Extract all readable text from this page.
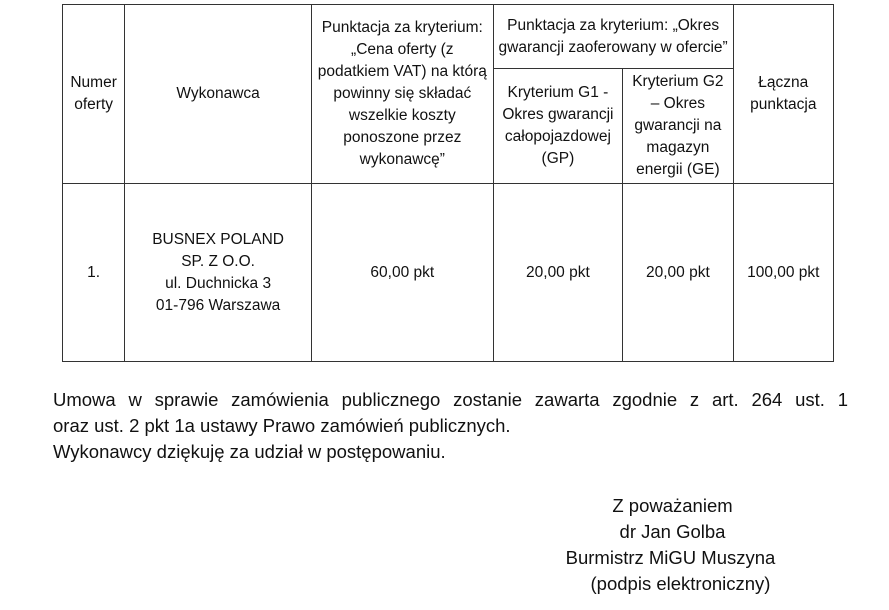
Numer oferty	Wykonawca	Punktacja za kryterium: „Cena oferty (z podatkiem VAT) na którą powinny się składać wszelkie koszty ponoszone przez wykonawcę”	Punktacja za kryterium: „Okres gwarancji zaoferowany w ofercie”		Łączna punktacja
			Kryterium G1 - Okres gwarancji całopojazdowej (GP)	Kryterium G2 – Okres gwarancji na magazyn energii (GE)	
1.	BUSNEX POLAND
SP. Z O.O.
ul. Duchnicka 3
01-796 Warszawa	60,00 pkt	20,00 pkt	20,00 pkt	100,00 pkt
Umowa w sprawie zamówienia publicznego zostanie zawarta zgodnie z art. 264 ust. 1
oraz ust. 2 pkt 1a ustawy Prawo zamówień publicznych.
Wykonawcy dziękuję za udział w postępowaniu.
Z poważaniem
dr Jan Golba
Burmistrz MiGU Muszyna
(podpis elektroniczny)
